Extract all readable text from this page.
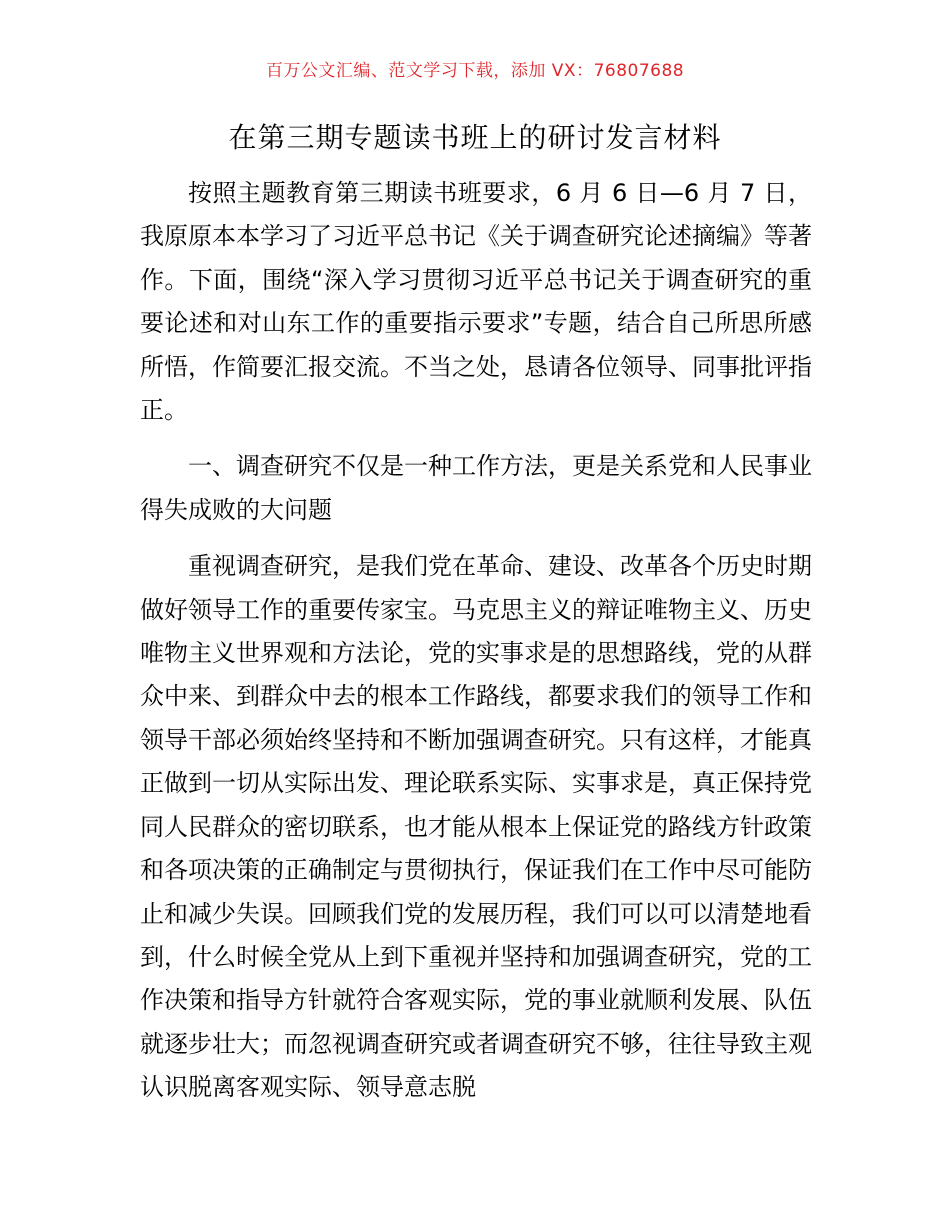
百万公文汇编、范文学习下载，添加 VX：76807688
在第三期专题读书班上的研讨发言材料

按照主题教育第三期读书班要求，6 月 6 日—6 月 7 日，我原原本本学习了习近平总书记《关于调查研究论述摘编》等著作。下面，围绕“深入学习贯彻习近平总书记关于调查研究的重要论述和对山东工作的重要指示要求”专题，结合自己所思所感所悟，作简要汇报交流。不当之处，恳请各位领导、同事批评指正。

一、调查研究不仅是一种工作方法，更是关系党和人民事业得失成败的大问题

重视调查研究，是我们党在革命、建设、改革各个历史时期做好领导工作的重要传家宝。马克思主义的辩证唯物主义、历史唯物主义世界观和方法论，党的实事求是的思想路线，党的从群众中来、到群众中去的根本工作路线，都要求我们的领导工作和领导干部必须始终坚持和不断加强调查研究。只有这样，才能真正做到一切从实际出发、理论联系实际、实事求是，真正保持党同人民群众的密切联系，也才能从根本上保证党的路线方针政策和各项决策的正确制定与贯彻执行，保证我们在工作中尽可能防止和减少失误。回顾我们党的发展历程，我们可以可以清楚地看到，什么时候全党从上到下重视并坚持和加强调查研究，党的工作决策和指导方针就符合客观实际，党的事业就顺利发展、队伍就逐步壮大；而忽视调查研究或者调查研究不够，往往导致主观认识脱离客观实际、领导意志脱
